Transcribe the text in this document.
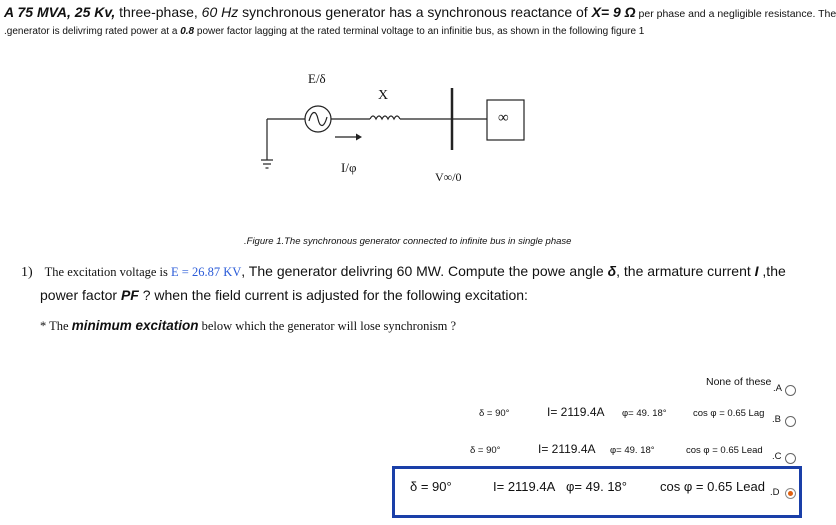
A 75 MVA, 25 Kv, three-phase, 60 Hz synchronous generator has a synchronous reactance of X= 9 Ω per phase and a negligible resistance. The
.generator is delivrimg rated power at a 0.8 power factor lagging at the rated terminal voltage to an infinitie bus, as shown in the following figure 1
E/δ
X
I/φ
V∞/0
∞
.Figure 1.The synchronous generator connected to infinite bus in single phase
1) The excitation voltage is E = 26.87 KV, The generator delivring 60 MW. Compute the powe angle δ, the armature current I ,the
power factor PF ? when the field current is adjusted for the following excitation:
* The minimum excitation below which the generator will lose synchronism ?
None of these
.A
δ = 90°	I= 2119.4A φ= 49. 18°	cos φ = 0.65 Lag
.B
δ = 90°	I= 2119.4A φ= 49. 18°	cos φ = 0.65 Lead
.C
δ = 90°	I= 2119.4A φ= 49. 18°	cos φ = 0.65 Lead .D
